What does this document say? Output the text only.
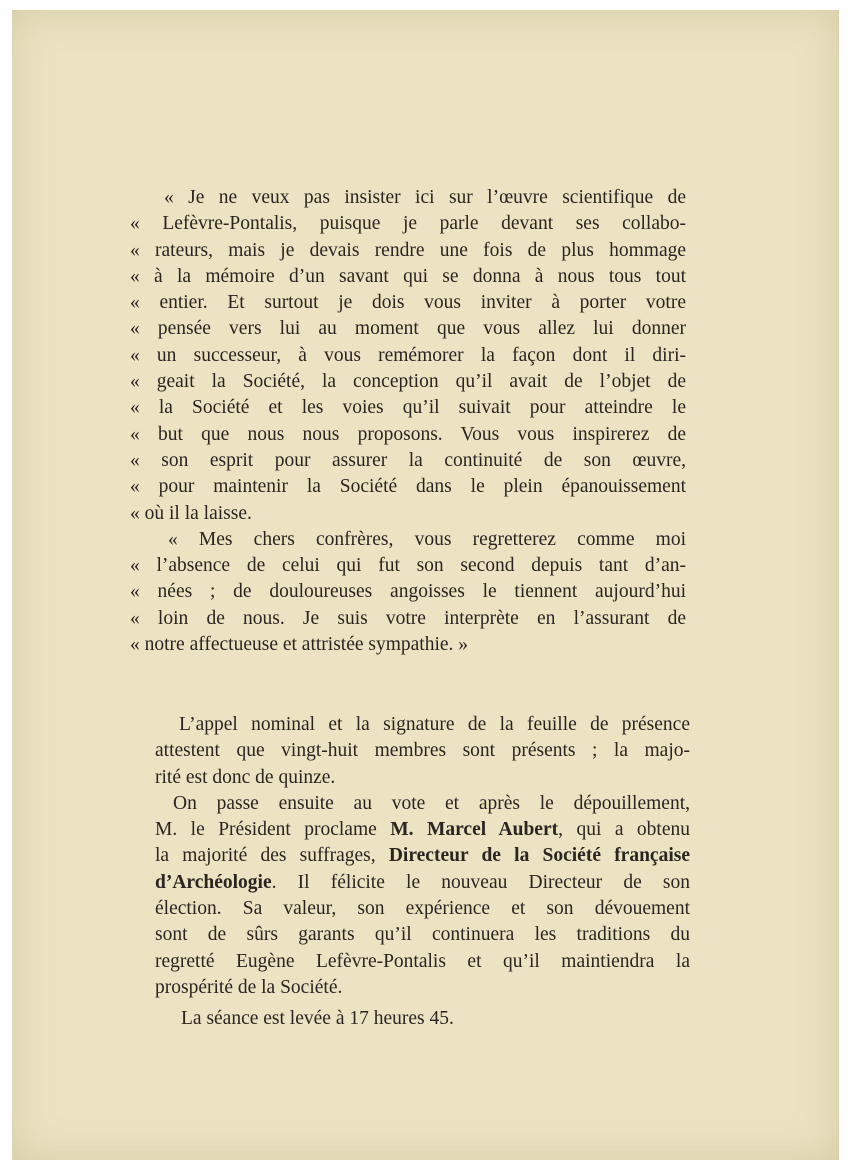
« Je ne veux pas insister ici sur l’œuvre scientifique de
« Lefèvre-Pontalis, puisque je parle devant ses collabo-
« rateurs, mais je devais rendre une fois de plus hommage
« à la mémoire d’un savant qui se donna à nous tous tout
« entier. Et surtout je dois vous inviter à porter votre
« pensée vers lui au moment que vous allez lui donner
« un successeur, à vous remémorer la façon dont il diri-
« geait la Société, la conception qu’il avait de l’objet de
« la Société et les voies qu’il suivait pour atteindre le
« but que nous nous proposons. Vous vous inspirerez de
« son esprit pour assurer la continuité de son œuvre,
« pour maintenir la Société dans le plein épanouissement
« où il la laisse.
« Mes chers confrères, vous regretterez comme moi
« l’absence de celui qui fut son second depuis tant d’an-
« nées ; de douloureuses angoisses le tiennent aujourd’hui
« loin de nous. Je suis votre interprète en l’assurant de
« notre affectueuse et attristée sympathie. »
L’appel nominal et la signature de la feuille de présence
attestent que vingt-huit membres sont présents ; la majo-
rité est donc de quinze.
On passe ensuite au vote et après le dépouillement,
M. le Président proclame M. Marcel Aubert, qui a obtenu
la majorité des suffrages, Directeur de la Société française
d’Archéologie. Il félicite le nouveau Directeur de son
élection. Sa valeur, son expérience et son dévouement
sont de sûrs garants qu’il continuera les traditions du
regretté Eugène Lefèvre-Pontalis et qu’il maintiendra la
prospérité de la Société.
La séance est levée à 17 heures 45.
